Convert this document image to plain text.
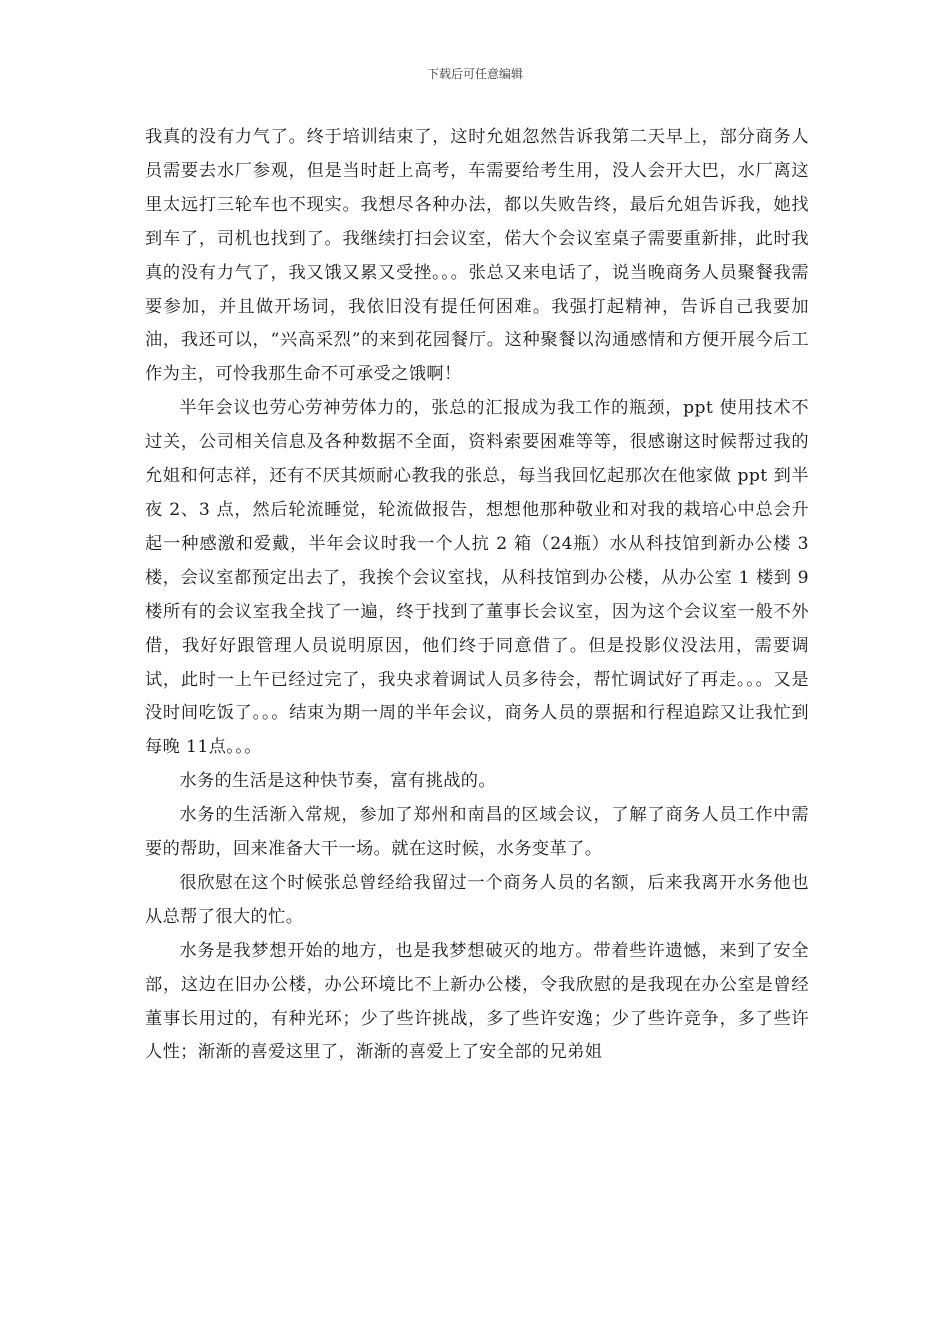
下载后可任意编辑

我真的没有力气了。终于培训结束了，这时允姐忽然告诉我第二天早上，部分商务人员需要去水厂参观，但是当时赶上高考，车需要给考生用，没人会开大巴，水厂离这里太远打三轮车也不现实。我想尽各种办法，都以失败告终，最后允姐告诉我，她找到车了，司机也找到了。我继续打扫会议室，偌大个会议室桌子需要重新排，此时我真的没有力气了，我又饿又累又受挫。。。张总又来电话了，说当晚商务人员聚餐我需要参加，并且做开场词，我依旧没有提任何困难。我强打起精神，告诉自己我要加油，我还可以，“兴高采烈”的来到花园餐厅。这种聚餐以沟通感情和方便开展今后工作为主，可怜我那生命不可承受之饿啊！

半年会议也劳心劳神劳体力的，张总的汇报成为我工作的瓶颈，ppt 使用技术不过关，公司相关信息及各种数据不全面，资料索要困难等等，很感谢这时候帮过我的允姐和何志祥，还有不厌其烦耐心教我的张总，每当我回忆起那次在他家做 ppt 到半夜 2、3 点，然后轮流睡觉，轮流做报告，想想他那种敬业和对我的栽培心中总会升起一种感激和爱戴，半年会议时我一个人抗 2 箱（24瓶）水从科技馆到新办公楼 3 楼，会议室都预定出去了，我挨个会议室找，从科技馆到办公楼，从办公室 1 楼到 9 楼所有的会议室我全找了一遍，终于找到了董事长会议室，因为这个会议室一般不外借，我好好跟管理人员说明原因，他们终于同意借了。但是投影仪没法用，需要调试，此时一上午已经过完了，我央求着调试人员多待会，帮忙调试好了再走。。。又是没时间吃饭了。。。结束为期一周的半年会议，商务人员的票据和行程追踪又让我忙到每晚 11点。。。

水务的生活是这种快节奏，富有挑战的。

水务的生活渐入常规，参加了郑州和南昌的区域会议，了解了商务人员工作中需要的帮助，回来准备大干一场。就在这时候，水务变革了。

很欣慰在这个时候张总曾经给我留过一个商务人员的名额，后来我离开水务他也从总帮了很大的忙。

水务是我梦想开始的地方，也是我梦想破灭的地方。带着些许遗憾，来到了安全部，这边在旧办公楼，办公环境比不上新办公楼，令我欣慰的是我现在办公室是曾经董事长用过的，有种光环；少了些许挑战，多了些许安逸；少了些许竞争，多了些许人性；渐渐的喜爱这里了，渐渐的喜爱上了安全部的兄弟姐
